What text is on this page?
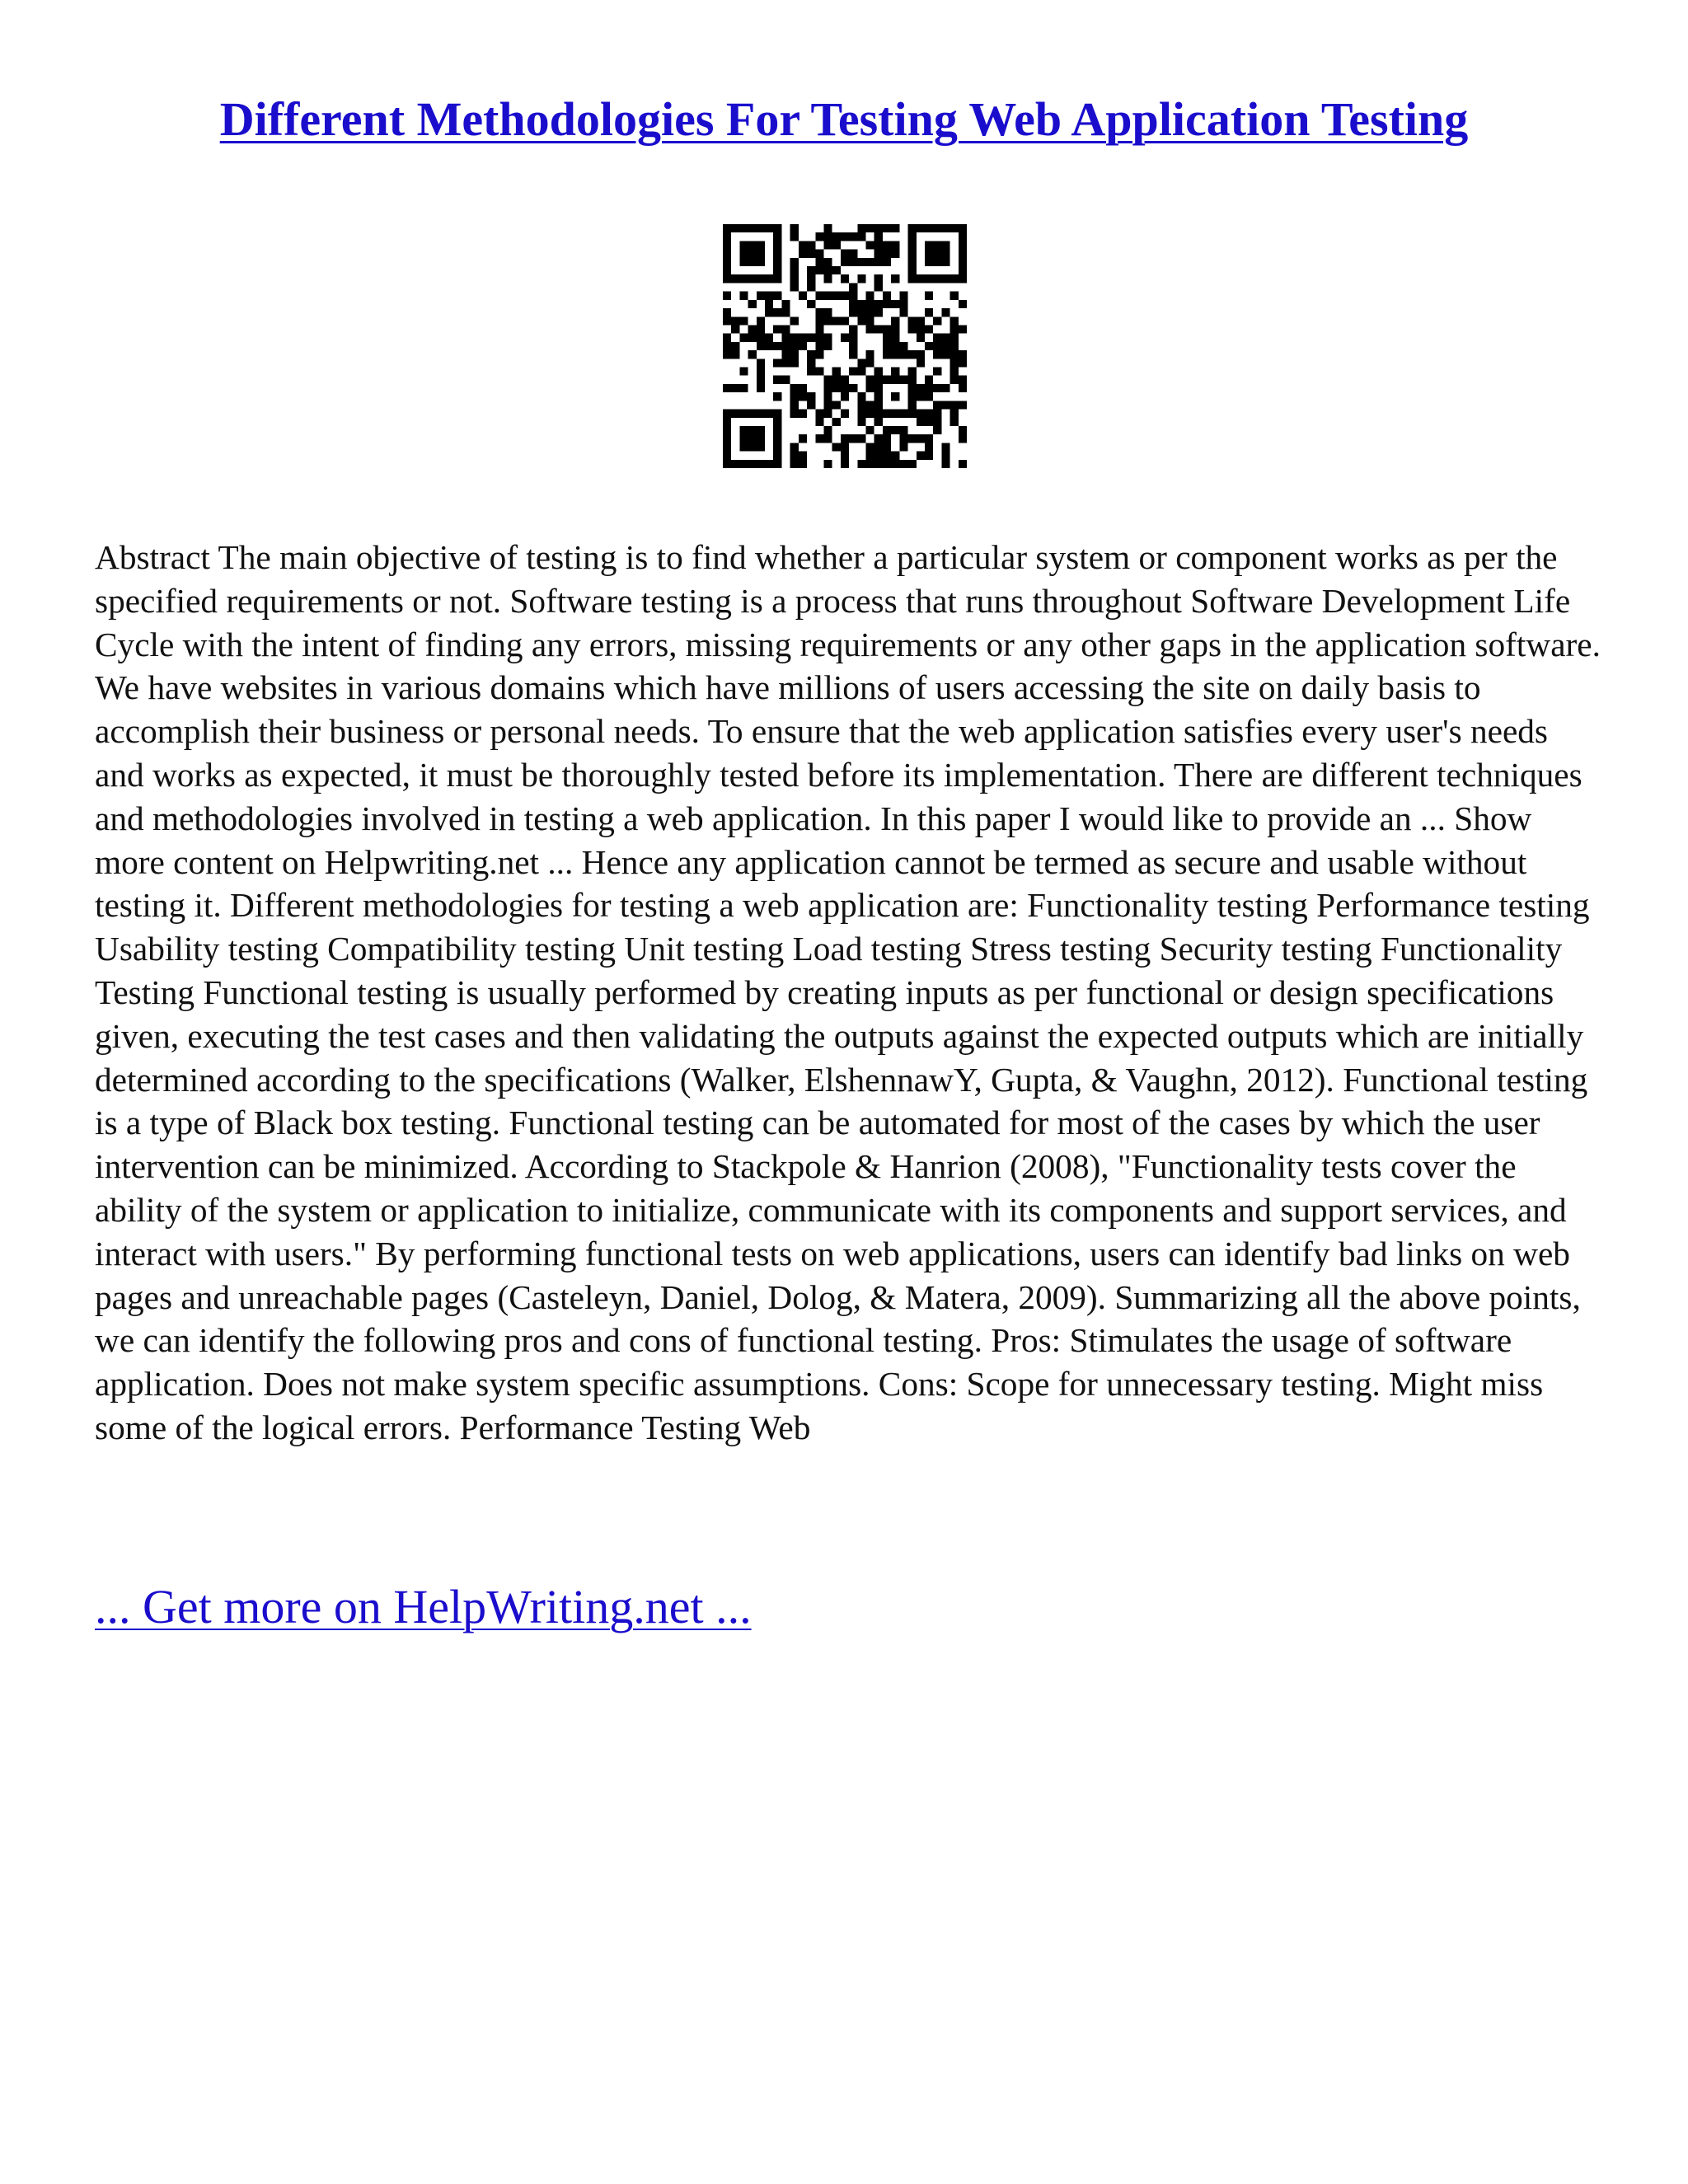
Different Methodologies For Testing Web Application Testing

Abstract The main objective of testing is to find whether a particular system or component works as per the specified requirements or not. Software testing is a process that runs throughout Software Development Life Cycle with the intent of finding any errors, missing requirements or any other gaps in the application software. We have websites in various domains which have millions of users accessing the site on daily basis to accomplish their business or personal needs. To ensure that the web application satisfies every user's needs and works as expected, it must be thoroughly tested before its implementation. There are different techniques and methodologies involved in testing a web application. In this paper I would like to provide an ... Show more content on Helpwriting.net ... Hence any application cannot be termed as secure and usable without testing it. Different methodologies for testing a web application are: Functionality testing Performance testing Usability testing Compatibility testing Unit testing Load testing Stress testing Security testing Functionality Testing Functional testing is usually performed by creating inputs as per functional or design specifications given, executing the test cases and then validating the outputs against the expected outputs which are initially determined according to the specifications (Walker, ElshennawY, Gupta, & Vaughn, 2012). Functional testing is a type of Black box testing. Functional testing can be automated for most of the cases by which the user intervention can be minimized. According to Stackpole & Hanrion (2008), "Functionality tests cover the ability of the system or application to initialize, communicate with its components and support services, and interact with users." By performing functional tests on web applications, users can identify bad links on web pages and unreachable pages (Casteleyn, Daniel, Dolog, & Matera, 2009). Summarizing all the above points, we can identify the following pros and cons of functional testing. Pros: Stimulates the usage of software application. Does not make system specific assumptions. Cons: Scope for unnecessary testing. Might miss some of the logical errors. Performance Testing Web

... Get more on HelpWriting.net ...
